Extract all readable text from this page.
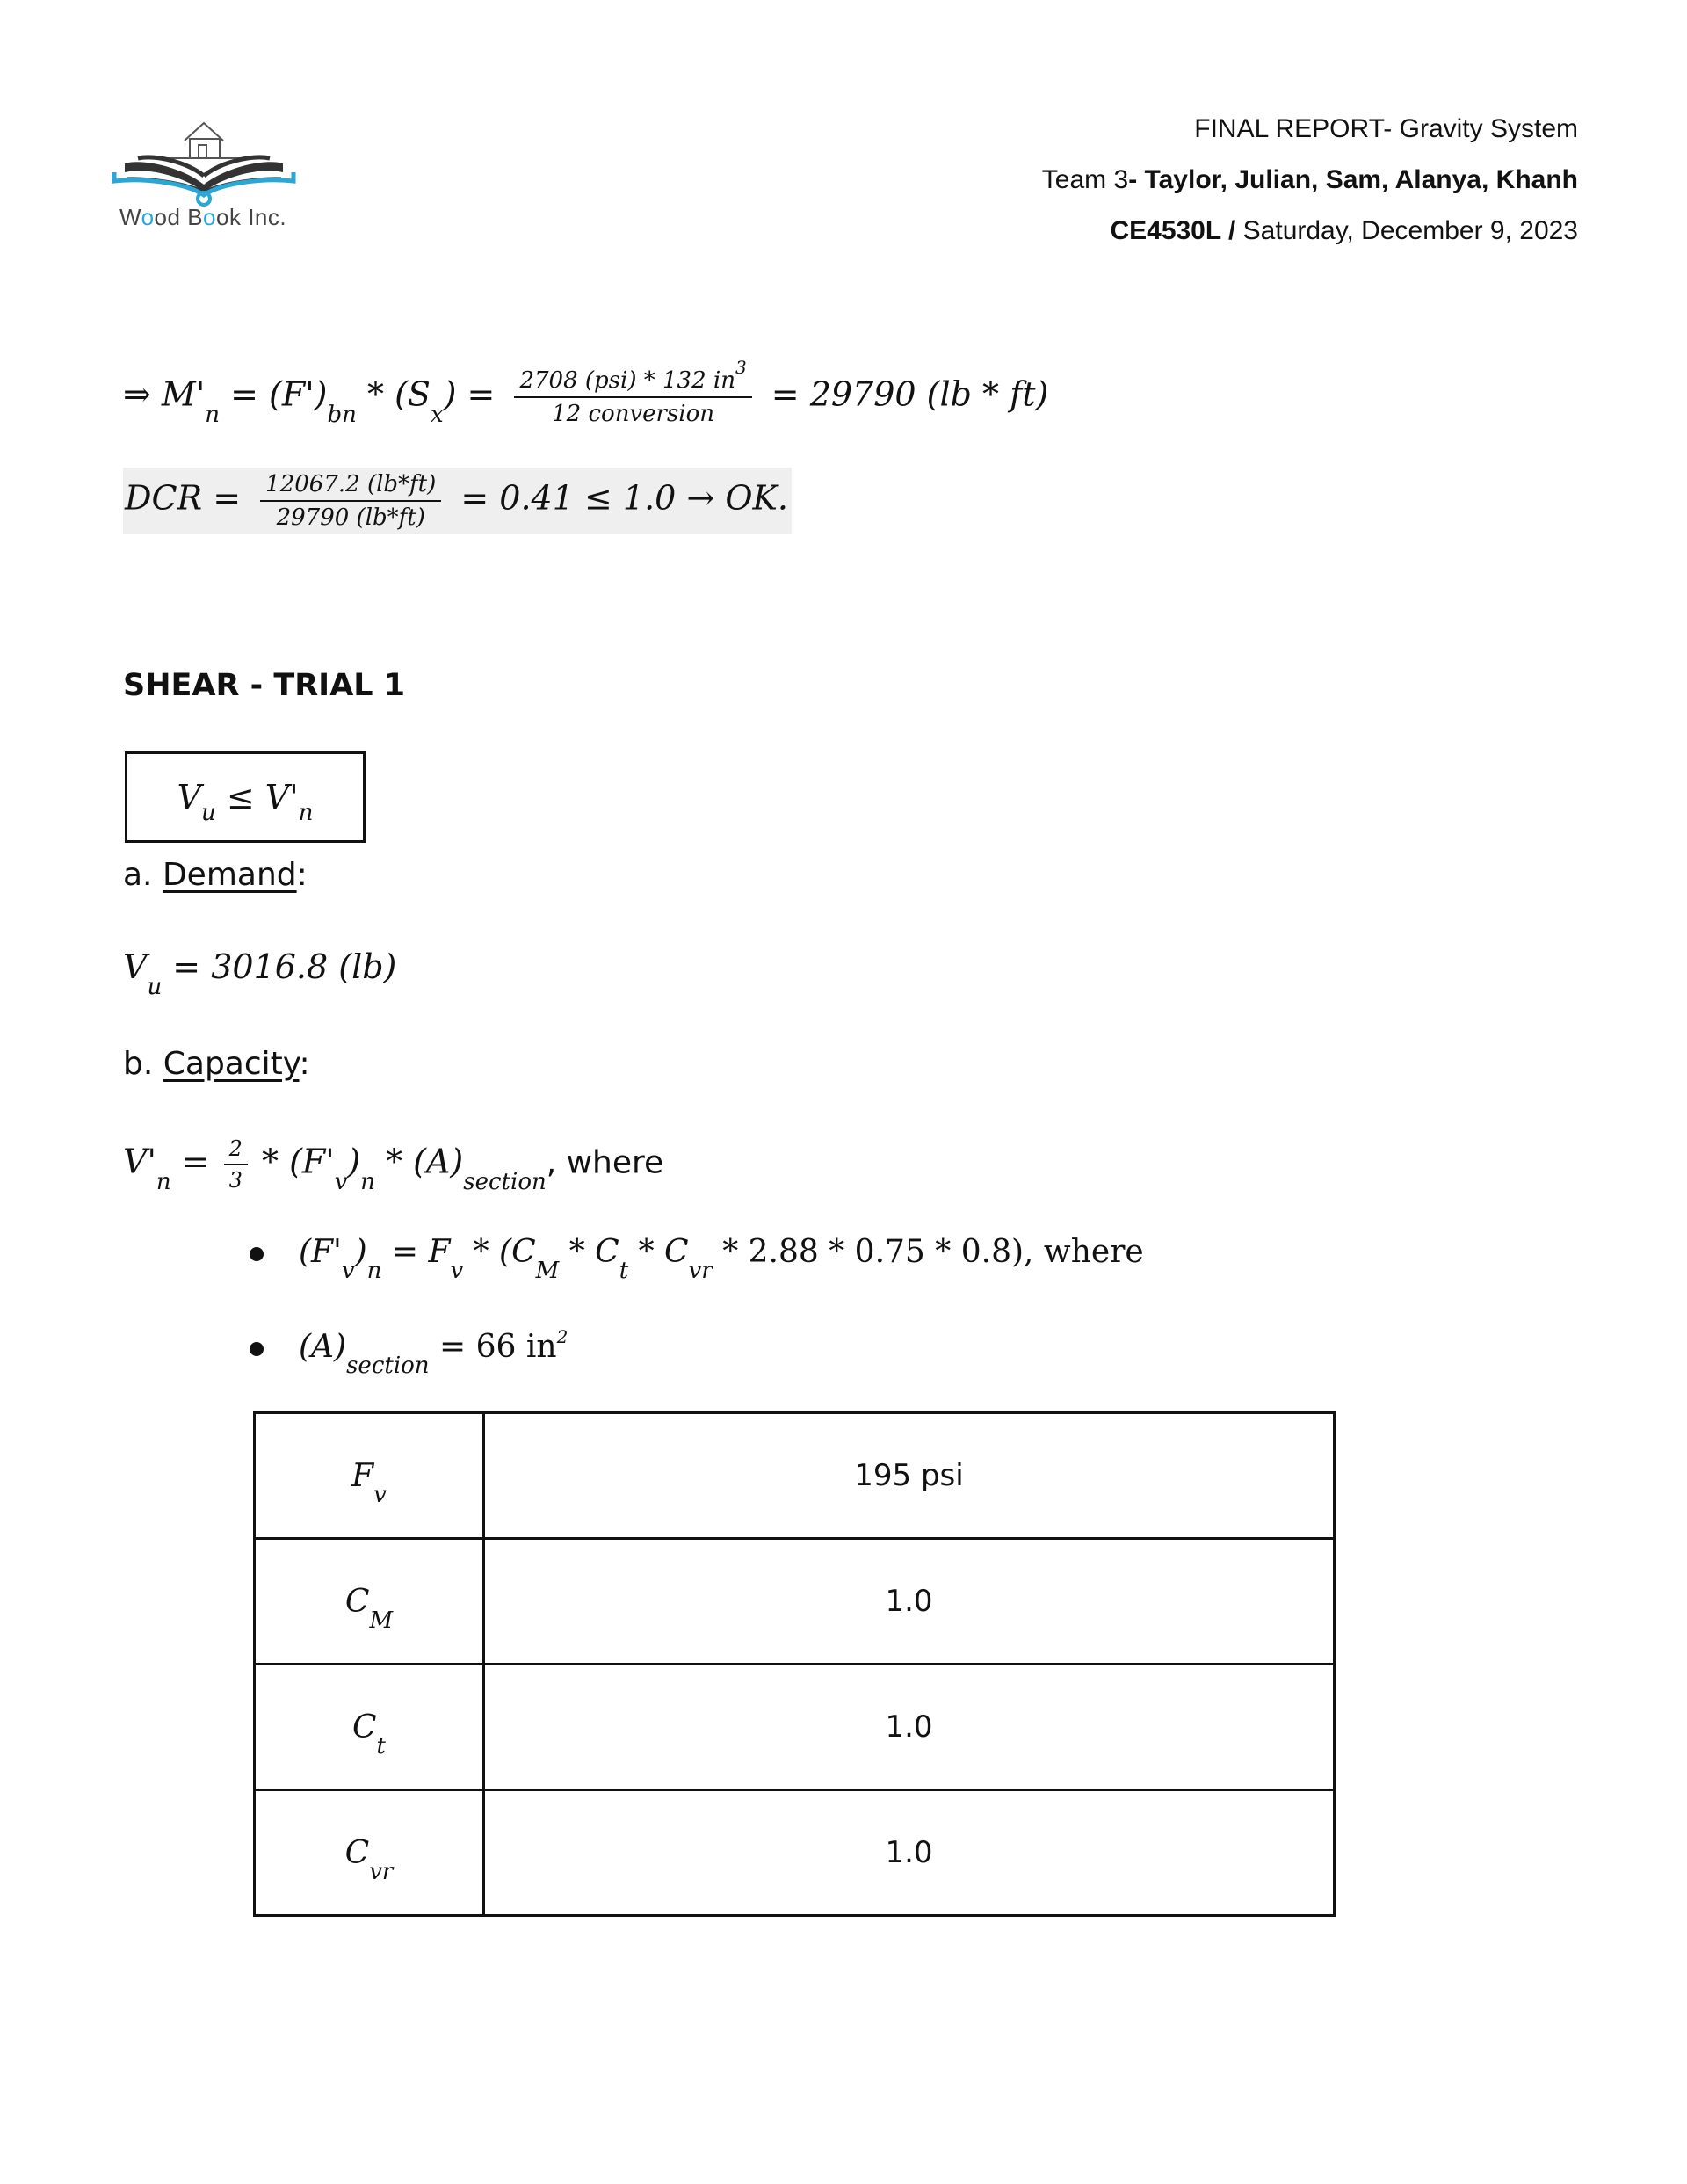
Wood Book Inc.
FINAL REPORT- Gravity System
Team 3- Taylor, Julian, Sam, Alanya, Khanh
CE4530L / Saturday, December 9, 2023
⇒ $M'_n = (F')_{bn} * (S_x) = \frac{2708 (psi) * 132 in^3}{\text{12 conversion}} = 29790$ (lb * ft)
DCR = $\frac{12067.2 (lb*ft)}{29790 (lb*ft)} = 0.41 \le 1.0$ → OK.
SHEAR - TRIAL 1
V u ≤ V' n
a. Demand:
$V_u = 3016.8$ (lb)
b. Capacity:
$V'_n = \frac{2}{3} * (F'_v)_n * (A)_{section}$, where
$(F'_v)_n = F_v * (C_M * C_t * C_{vr} * 2.88 * 0.75 * 0.8)$, where
$(A)_{section} = 66$ $in^2$
$F_v$	195 psi
$C_M$	1.0
$C_t$	1.0
$C_{vr}$	1.0
